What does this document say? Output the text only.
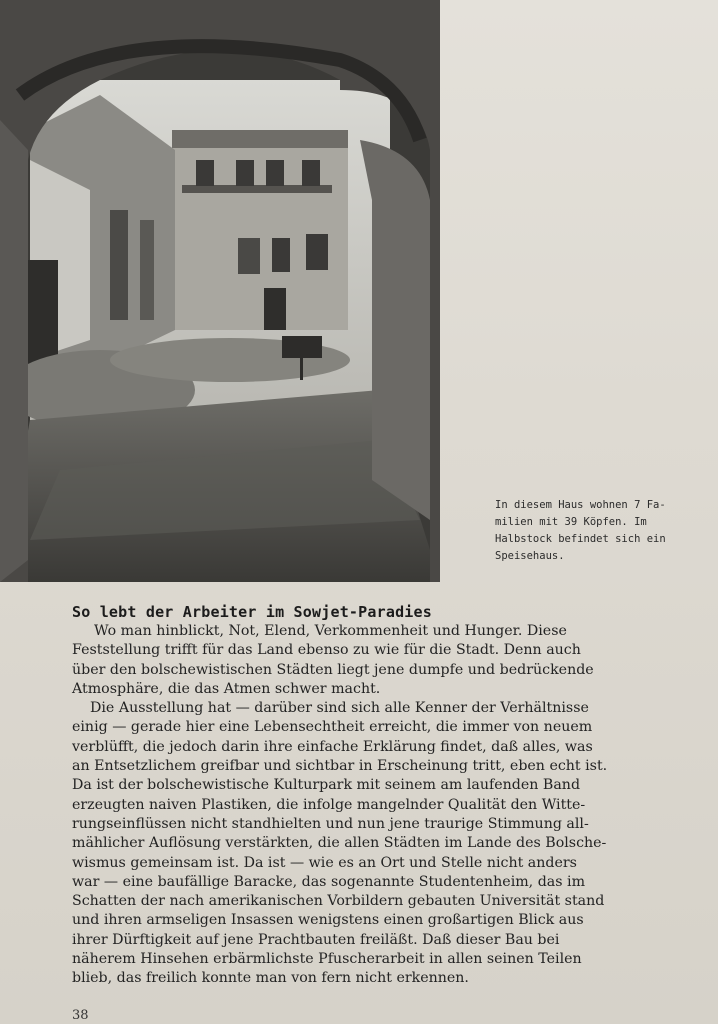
In diesem Haus wohnen 7 Fa-
milien mit 39 Köpfen. Im
Halbstock befindet sich ein
Speisehaus.
So lebt der Arbeiter im Sowjet-Paradies
Wo man hinblickt, Not, Elend, Verkommenheit und Hunger. Diese
Feststellung trifft für das Land ebenso zu wie für die Stadt. Denn auch
über den bolschewistischen Städten liegt jene dumpfe und bedrückende
Atmosphäre, die das Atmen schwer macht.
Die Ausstellung hat — darüber sind sich alle Kenner der Verhältnisse
einig — gerade hier eine Lebensechtheit erreicht, die immer von neuem
verblüfft, die jedoch darin ihre einfache Erklärung findet, daß alles, was
an Entsetzlichem greifbar und sichtbar in Erscheinung tritt, eben echt ist.
Da ist der bolschewistische Kulturpark mit seinem am laufenden Band
erzeugten naiven Plastiken, die infolge mangelnder Qualität den Witte-
rungseinflüssen nicht standhielten und nun jene traurige Stimmung all-
mählicher Auflösung verstärkten, die allen Städten im Lande des Bolsche-
wismus gemeinsam ist. Da ist — wie es an Ort und Stelle nicht anders
war — eine baufällige Baracke, das sogenannte Studentenheim, das im
Schatten der nach amerikanischen Vorbildern gebauten Universität stand
und ihren armseligen Insassen wenigstens einen großartigen Blick aus
ihrer Dürftigkeit auf jene Prachtbauten freiläßt. Daß dieser Bau bei
näherem Hinsehen erbärmlichste Pfuscherarbeit in allen seinen Teilen
blieb, das freilich konnte man von fern nicht erkennen.
38
